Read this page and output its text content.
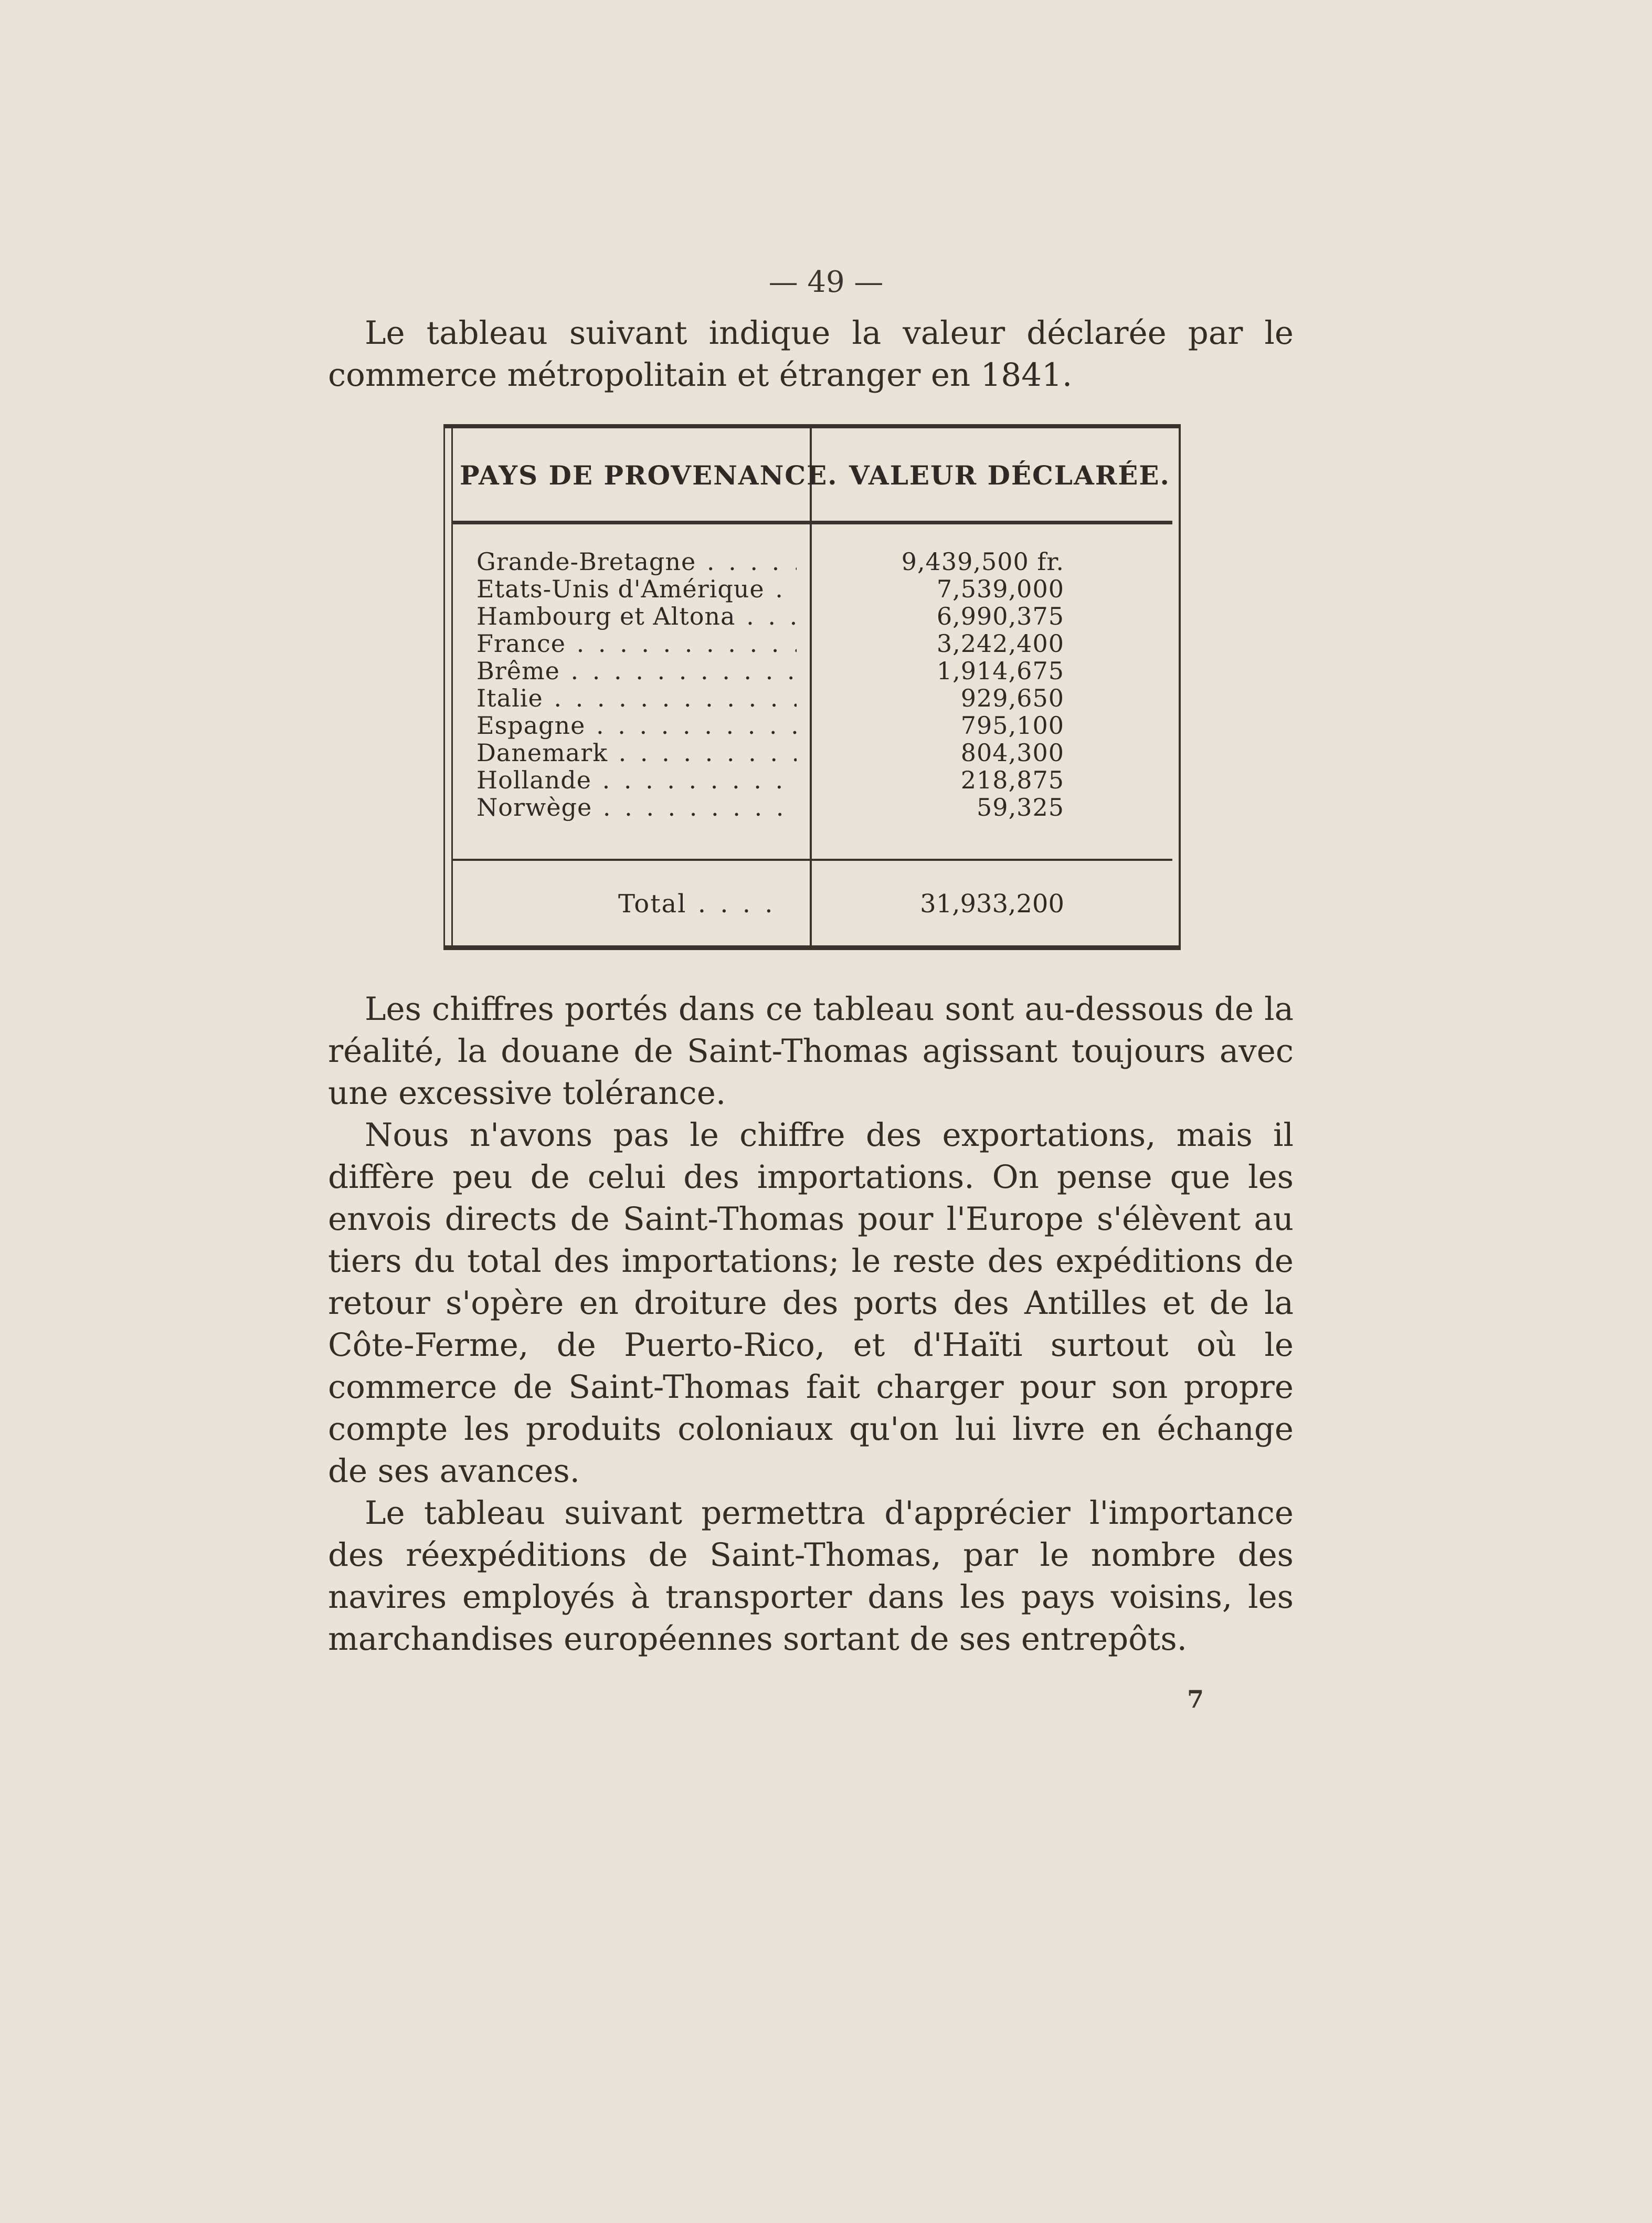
— 49 —

Le tableau suivant indique la valeur déclarée par le commerce métropolitain et étranger en 1841.

PAYS DE PROVENANCE. VALEUR DÉCLARÉE.
Grande-Bretagne . . .	9,439,500 fr.
Etats-Unis d'Amérique . . .	7,539,000
Hambourg et Altona . . .	6,990,375
France . . .	3,242,400
Brême . . .	1,914,675
Italie . . .	929,650
Espagne . . .	795,100
Danemark . . .	804,300
Hollande . . .	218,875
Norwège . . .	59,325
Total . . .	31,933,200

Les chiffres portés dans ce tableau sont au-dessous de la réalité, la douane de Saint-Thomas agissant toujours avec une excessive tolérance.

Nous n'avons pas le chiffre des exportations, mais il diffère peu de celui des importations. On pense que les envois directs de Saint-Thomas pour l'Europe s'élèvent au tiers du total des importations; le reste des expéditions de retour s'opère en droiture des ports des Antilles et de la Côte-Ferme, de Puerto-Rico, et d'Haïti surtout où le commerce de Saint-Thomas fait charger pour son propre compte les produits coloniaux qu'on lui livre en échange de ses avances.

Le tableau suivant permettra d'apprécier l'importance des réexpéditions de Saint-Thomas, par le nombre des navires employés à transporter dans les pays voisins, les marchandises européennes sortant de ses entrepôts.

7
